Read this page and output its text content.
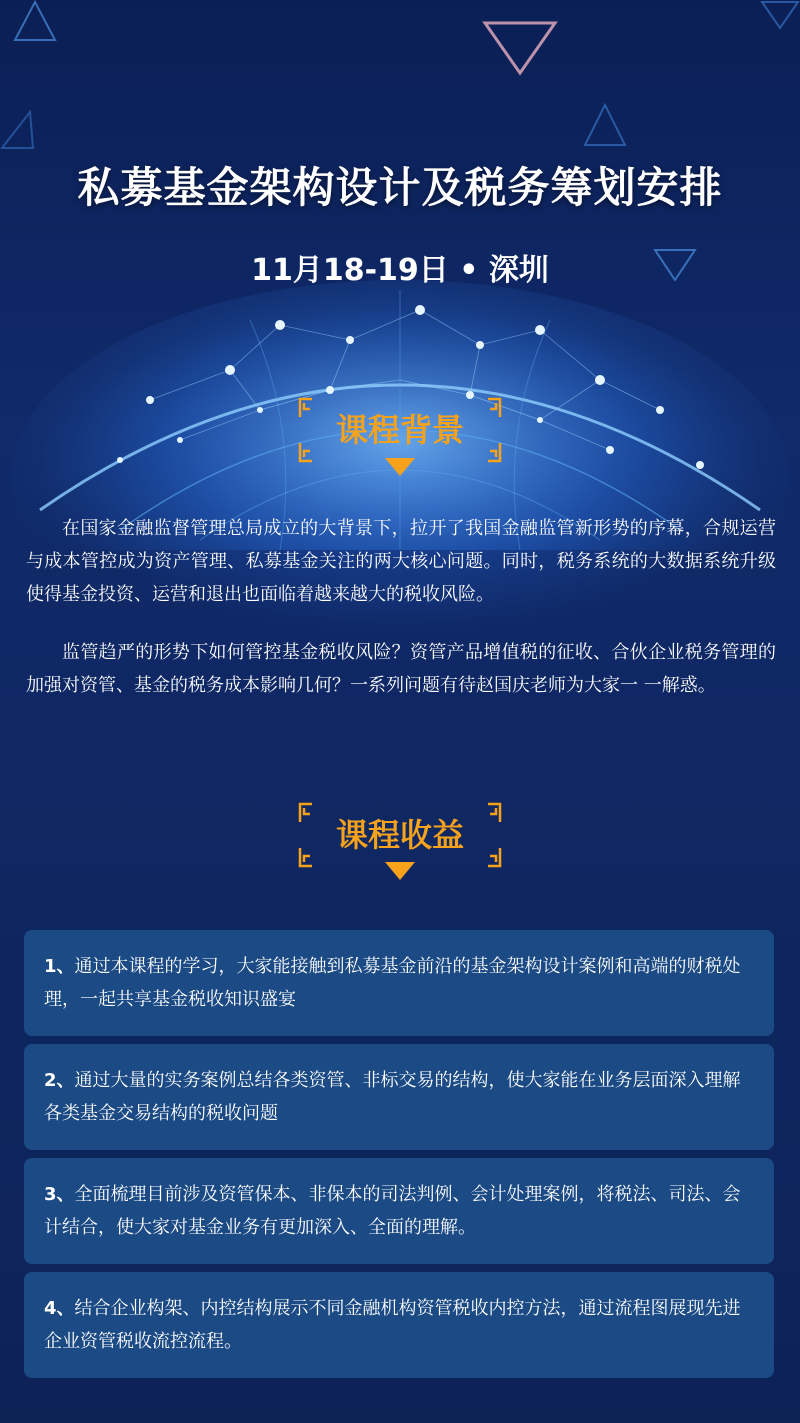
私募基金架构设计及税务筹划安排
11月18-19日 • 深圳
课程背景
在国家金融监督管理总局成立的大背景下，拉开了我国金融监管新形势的序幕，合规运营与成本管控成为资产管理、私募基金关注的两大核心问题。同时，税务系统的大数据系统升级使得基金投资、运营和退出也面临着越来越大的税收风险。
监管趋严的形势下如何管控基金税收风险？资管产品增值税的征收、合伙企业税务管理的加强对资管、基金的税务成本影响几何？一系列问题有待赵国庆老师为大家一 一解惑。
课程收益
1、通过本课程的学习，大家能接触到私募基金前沿的基金架构设计案例和高端的财税处理，一起共享基金税收知识盛宴
2、通过大量的实务案例总结各类资管、非标交易的结构，使大家能在业务层面深入理解各类基金交易结构的税收问题
3、全面梳理目前涉及资管保本、非保本的司法判例、会计处理案例，将税法、司法、会计结合，使大家对基金业务有更加深入、全面的理解。
4、结合企业构架、内控结构展示不同金融机构资管税收内控方法，通过流程图展现先进企业资管税收流控流程。
